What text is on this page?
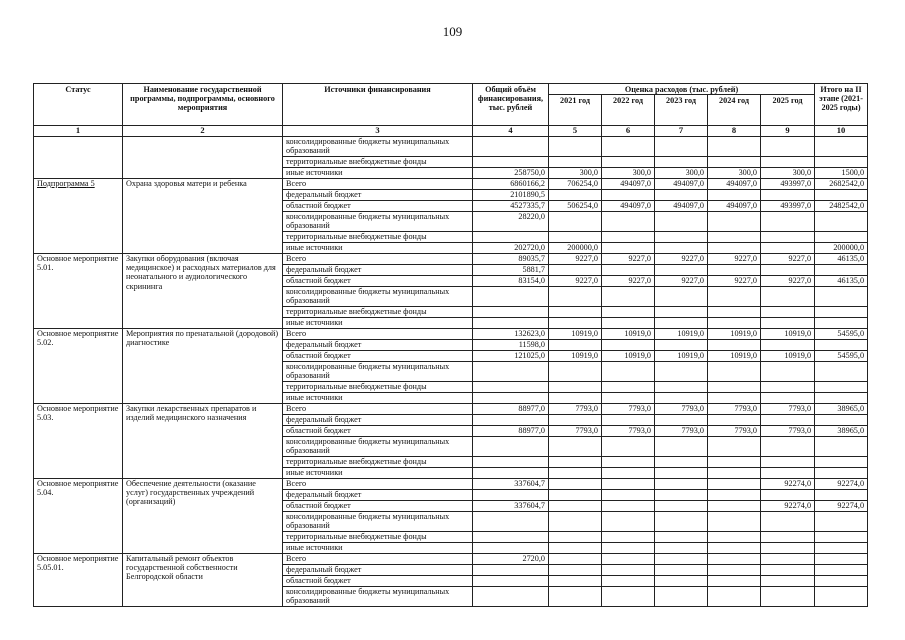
109
Статус	Наименование государственной программы, подпрограммы, основного мероприятия	Источники финансирования	Общий объём финансирования, тыс. рублей	Оценка расходов (тыс. рублей)					Итого на II этапе (2021-2025 годы)
				2021 год	2022 год	2023 год	2024 год	2025 год	
1	2	3	4	5	6	7	8	9	10
		консолидированные бюджеты муниципальных образований							
		территориальные внебюджетные фонды							
		иные источники	258750,0	300,0	300,0	300,0	300,0	300,0	1500,0
Подпрограмма 5	Охрана здоровья матери и ребенка	Всего	6860166,2	706254,0	494097,0	494097,0	494097,0	493997,0	2682542,0
		федеральный бюджет	2101890,5						
		областной бюджет	4527335,7	506254,0	494097,0	494097,0	494097,0	493997,0	2482542,0
		консолидированные бюджеты муниципальных образований	28220,0						
		территориальные внебюджетные фонды							
		иные источники	202720,0	200000,0					200000,0
Основное мероприятие 5.01.	Закупки оборудования (включая медицинское) и расходных материалов для неонатального и аудиологического скрининга	Всего	89035,7	9227,0	9227,0	9227,0	9227,0	9227,0	46135,0
		федеральный бюджет	5881,7						
		областной бюджет	83154,0	9227,0	9227,0	9227,0	9227,0	9227,0	46135,0
		консолидированные бюджеты муниципальных образований							
		территориальные внебюджетные фонды							
		иные источники							
Основное мероприятие 5.02.	Мероприятия по пренатальной (дородовой) диагностике	Всего	132623,0	10919,0	10919,0	10919,0	10919,0	10919,0	54595,0
		федеральный бюджет	11598,0						
		областной бюджет	121025,0	10919,0	10919,0	10919,0	10919,0	10919,0	54595,0
		консолидированные бюджеты муниципальных образований							
		территориальные внебюджетные фонды							
		иные источники							
Основное мероприятие 5.03.	Закупки лекарственных препаратов и изделий медицинского назначения	Всего	88977,0	7793,0	7793,0	7793,0	7793,0	7793,0	38965,0
		федеральный бюджет							
		областной бюджет	88977,0	7793,0	7793,0	7793,0	7793,0	7793,0	38965,0
		консолидированные бюджеты муниципальных образований							
		территориальные внебюджетные фонды							
		иные источники							
Основное мероприятие 5.04.	Обеспечение деятельности (оказание услуг) государственных учреждений (организаций)	Всего	337604,7					92274,0	92274,0
		федеральный бюджет							
		областной бюджет	337604,7					92274,0	92274,0
		консолидированные бюджеты муниципальных образований							
		территориальные внебюджетные фонды							
		иные источники							
Основное мероприятие 5.05.01.	Капитальный ремонт объектов государственной собственности Белгородской области	Всего	2720,0						
		федеральный бюджет							
		областной бюджет							
		консолидированные бюджеты муниципальных образований							
